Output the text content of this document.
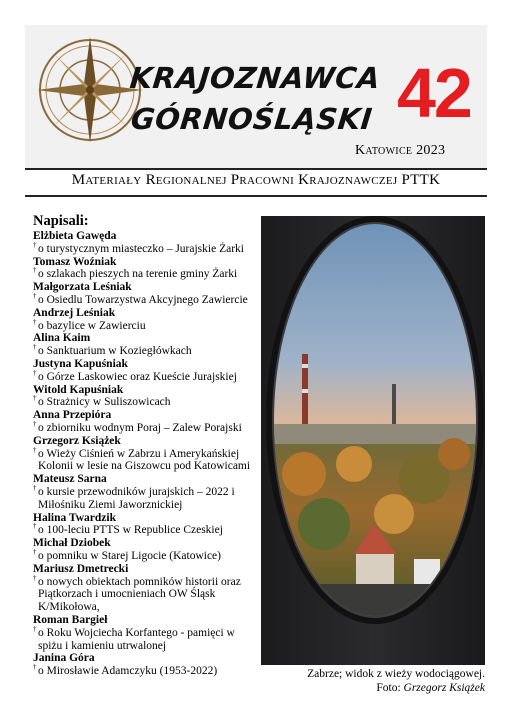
KRAJOZNAWCA
GÓRNOŚLĄSKI 42
Katowice 2023
Materiały Regionalnej Pracowni Krajoznawczej PTTK
Napisali:
Elżbieta Gawęda
† o turystycznym miasteczko – Jurajskie Żarki
Tomasz Woźniak
† o szlakach pieszych na terenie gminy Żarki
Małgorzata Leśniak
† o Osiedlu Towarzystwa Akcyjnego Zawiercie
Andrzej Leśniak
† o bazylice w Zawierciu
Alina Kaim
† o Sanktuarium w Koziegłówkach
Justyna Kapuśniak
† o Górze Laskowiec oraz Kueście Jurajskiej
Witold Kapuśniak
† o Strażnicy w Suliszowicach
Anna Przepióra
† o zbiorniku wodnym Poraj – Zalew Porajski
Grzegorz Książek
† o Wieży Ciśnień w Zabrzu i Amerykańskiej Kolonii w lesie na Giszowcu pod Katowicami
Mateusz Sarna
† o kursie przewodników jurajskich – 2022 i Miłośniku Ziemi Jaworznickiej
Halina Twardzik
† o 100-leciu PTTS w Republice Czeskiej
Michał Dziobek
† o pomniku w Starej Ligocie (Katowice)
Mariusz Dmetrecki
† o nowych obiektach pomników historii oraz Piątkorzach i umocnieniach OW Śląsk K/Mikołowa,
Roman Bargieł
† o Roku Wojciecha Korfantego - pamięci w spiżu i kamieniu utrwalonej
Janina Góra
† o Mirosławie Adamczyku (1953-2022)	Zabrze; widok z wieży wodociągowej.
Foto: Grzegorz Książek
